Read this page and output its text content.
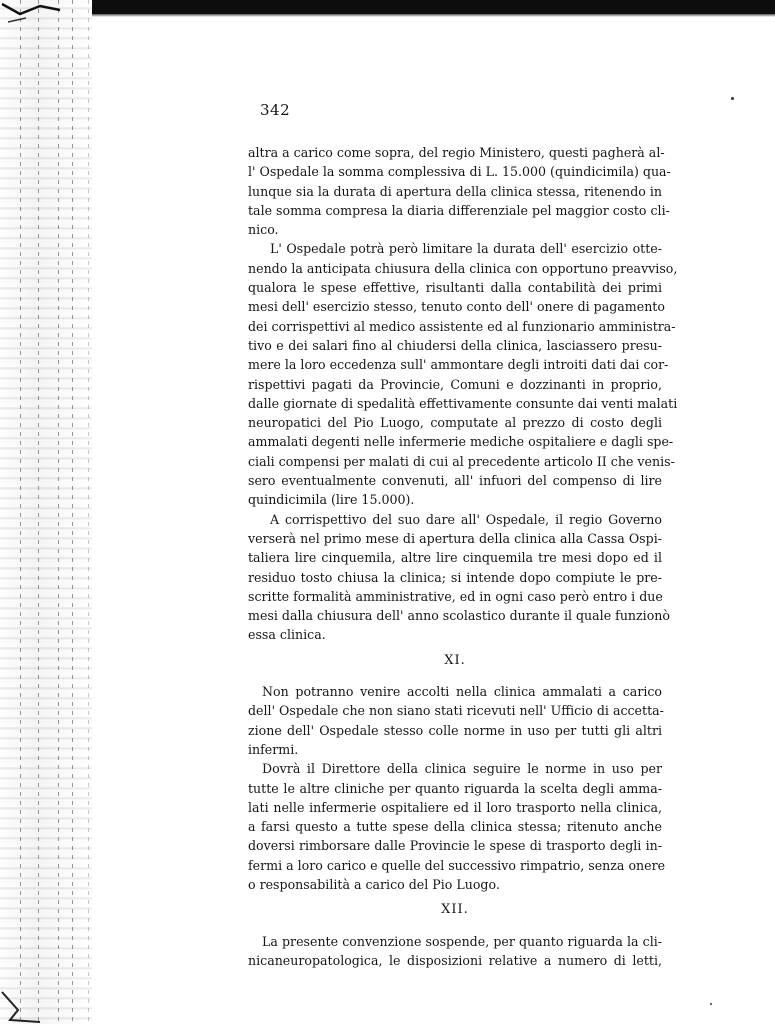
342
altra a carico come sopra, del regio Ministero, questi pagherà al-
l' Ospedale la somma complessiva di L. 15.000 (quindicimila) qua-
lunque sia la durata di apertura della clinica stessa, ritenendo in
tale somma compresa la diaria differenziale pel maggior costo cli-
nico.
L' Ospedale potrà però limitare la durata dell' esercizio otte-
nendo la anticipata chiusura della clinica con opportuno preavviso,
qualora le spese effettive, risultanti dalla contabilità dei primi
mesi dell' esercizio stesso, tenuto conto dell' onere di pagamento
dei corrispettivi al medico assistente ed al funzionario amministra-
tivo e dei salari fino al chiudersi della clinica, lasciassero presu-
mere la loro eccedenza sull' ammontare degli introiti dati dai cor-
rispettivi pagati da Provincie, Comuni e dozzinanti in proprio,
dalle giornate di spedalità effettivamente consunte dai venti malati
neuropatici del Pio Luogo, computate al prezzo di costo degli
ammalati degenti nelle infermerie mediche ospitaliere e dagli spe-
ciali compensi per malati di cui al precedente articolo II che venis-
sero eventualmente convenuti, all' infuori del compenso di lire
quindicimila (lire 15.000).
A corrispettivo del suo dare all' Ospedale, il regio Governo
verserà nel primo mese di apertura della clinica alla Cassa Ospi-
taliera lire cinquemila, altre lire cinquemila tre mesi dopo ed il
residuo tosto chiusa la clinica; si intende dopo compiute le pre-
scritte formalità amministrative, ed in ogni caso però entro i due
mesi dalla chiusura dell' anno scolastico durante il quale funzionò
essa clinica.
XI.
Non potranno venire accolti nella clinica ammalati a carico
dell' Ospedale che non siano stati ricevuti nell' Ufficio di accetta-
zione dell' Ospedale stesso colle norme in uso per tutti gli altri
infermi.
Dovrà il Direttore della clinica seguire le norme in uso per
tutte le altre cliniche per quanto riguarda la scelta degli amma-
lati nelle infermerie ospitaliere ed il loro trasporto nella clinica,
a farsi questo a tutte spese della clinica stessa; ritenuto anche
doversi rimborsare dalle Provincie le spese di trasporto degli in-
fermi a loro carico e quelle del successivo rimpatrio, senza onere
o responsabilità a carico del Pio Luogo.
XII.
La presente convenzione sospende, per quanto riguarda la cli-
nicaneuropatologica, le disposizioni relative a numero di letti,
